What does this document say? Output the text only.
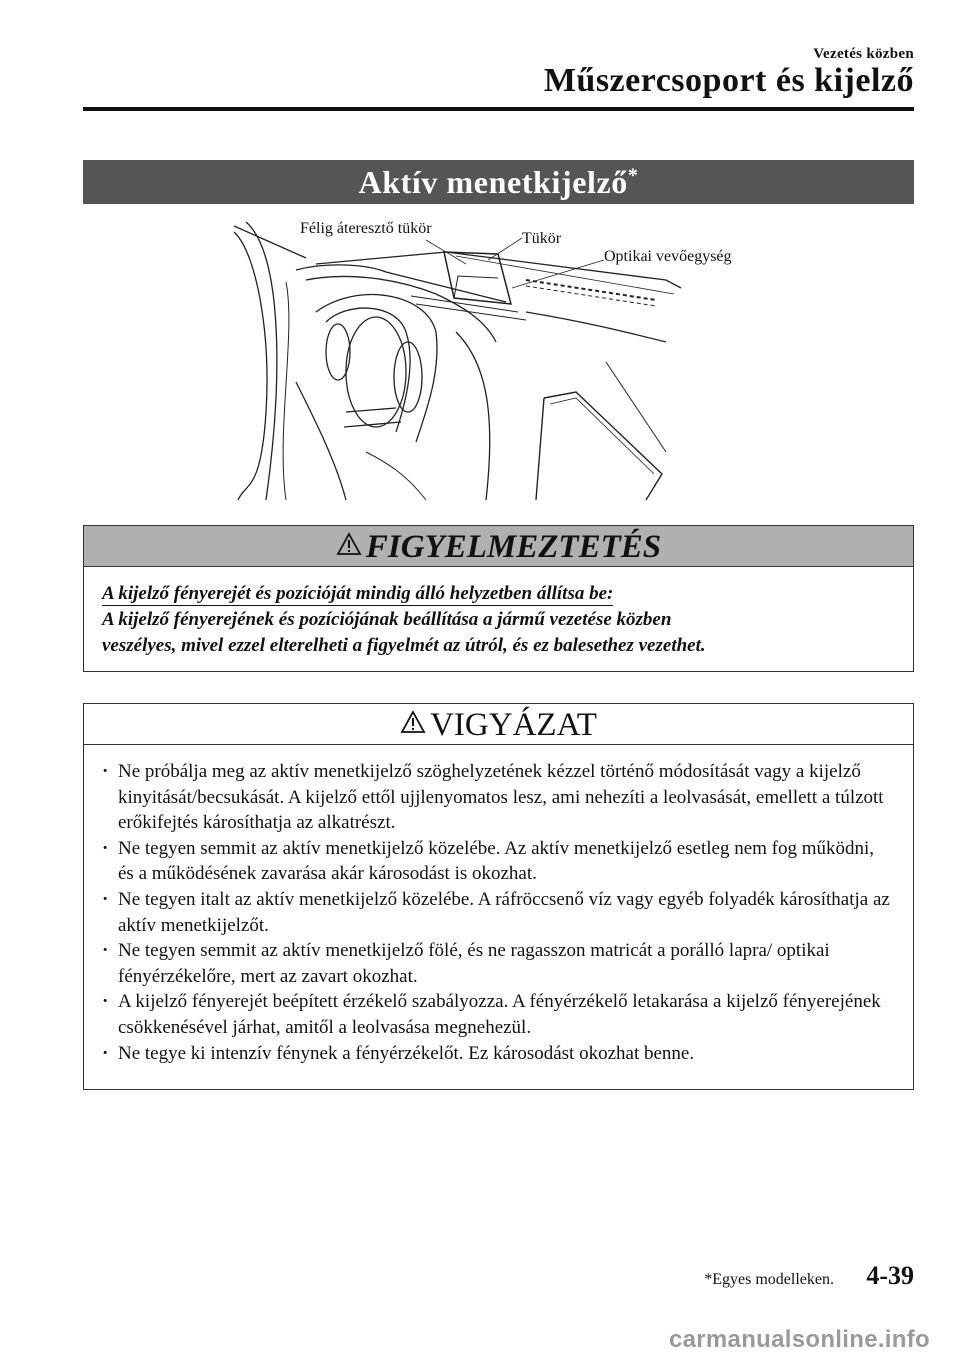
Vezetés közben
Műszercsoport és kijelző
Aktív menetkijelző*
Félig áteresztő tükör
Tükör
Optikai vevőegység
FIGYELMEZTETÉS
A kijelző fényerejét és pozícióját mindig álló helyzetben állítsa be:
A kijelző fényerejének és pozíciójának beállítása a jármű vezetése közben
veszélyes, mivel ezzel elterelheti a figyelmét az útról, és ez balesethez vezethet.
VIGYÁZAT
· Ne próbálja meg az aktív menetkijelző szöghelyzetének kézzel történő módosítását vagy a kijelző kinyitását/becsukását. A kijelző ettől ujjlenyomatos lesz, ami nehezíti a leolvasását, emellett a túlzott erőkifejtés károsíthatja az alkatrészt.
· Ne tegyen semmit az aktív menetkijelző közelébe. Az aktív menetkijelző esetleg nem fog működni, és a működésének zavarása akár károsodást is okozhat.
· Ne tegyen italt az aktív menetkijelző közelébe. A ráfröccsenő víz vagy egyéb folyadék károsíthatja az aktív menetkijelzőt.
· Ne tegyen semmit az aktív menetkijelző fölé, és ne ragasszon matricát a porálló lapra/ optikai fényérzékelőre, mert az zavart okozhat.
· A kijelző fényerejét beépített érzékelő szabályozza. A fényérzékelő letakarása a kijelző fényerejének csökkenésével járhat, amitől a leolvasása megnehezül.
· Ne tegye ki intenzív fénynek a fényérzékelőt. Ez károsodást okozhat benne.
*Egyes modelleken. 4-39
carmanualsonline.info
